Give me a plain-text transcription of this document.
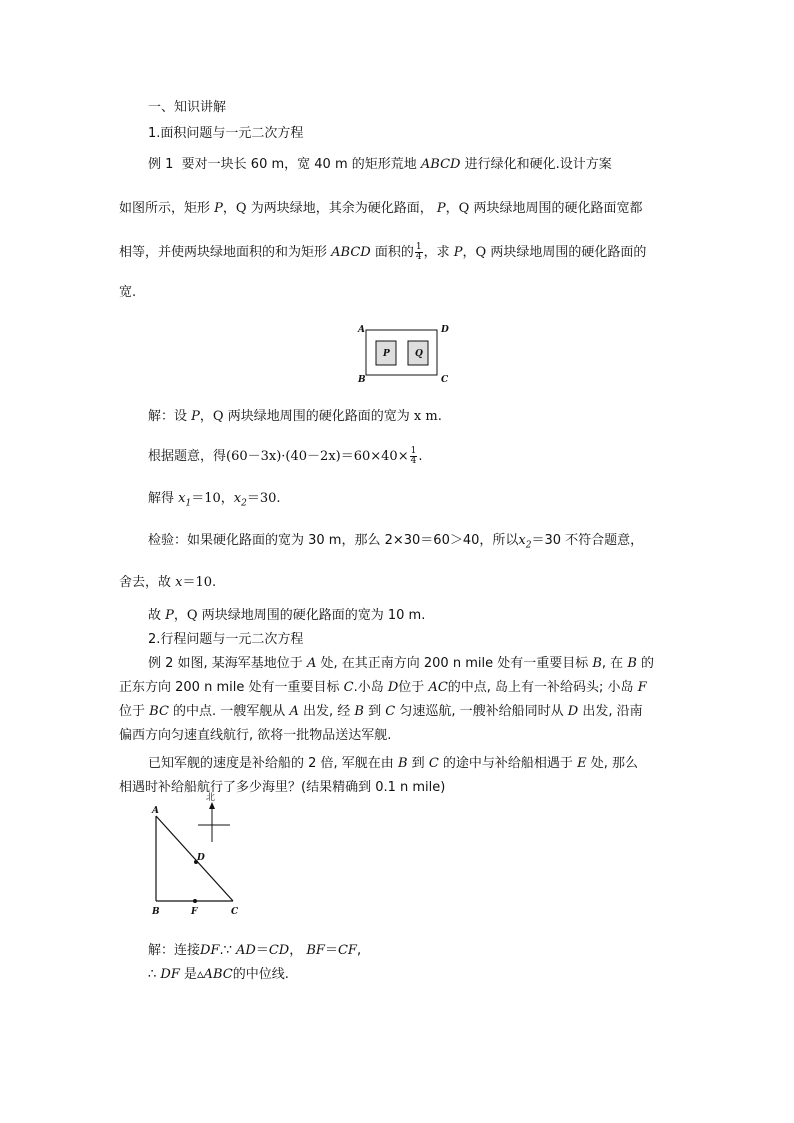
一、知识讲解
1.面积问题与一元二次方程
例 1 要对一块长 60 m，宽 40 m 的矩形荒地 ABCD 进行绿化和硬化.设计方案
如图所示，矩形 P，Q 为两块绿地，其余为硬化路面， P，Q 两块绿地周围的硬化路面宽都
相等，并使两块绿地面积的和为矩形 ABCD 面积的 $\frac{1}{4}$ ，求 P，Q 两块绿地周围的硬化路面的
宽.
A	D
B	C
P	Q
解：设 P，Q 两块绿地周围的硬化路面的宽为 x m.
根据题意，得$(60-3x)\cdot(40-2x)=60\times 40\times \frac{1}{4}$ .
解得 $x_1=10$，$x_2=30$.
检验：如果硬化路面的宽为 30 m，那么 2×30＝60＞40，所以$x_2=30$ 不符合题意，
舍去，故 x＝10.
故 P，Q 两块绿地周围的硬化路面的宽为 10 m.
2.行程问题与一元二次方程
例 2 如图, 某海军基地位于 A 处, 在其正南方向 200 n mile 处有一重要目标 B, 在 B 的
正东方向 200 n mile 处有一重要目标 C.小岛 D位于 AC的中点, 岛上有一补给码头; 小岛 F
位于 BC 的中点. 一艘军舰从 A 出发, 经 B 到 C 匀速巡航, 一艘补给船同时从 D 出发, 沿南
偏西方向匀速直线航行, 欲将一批物品送达军舰.
已知军舰的速度是补给船的 2 倍, 军舰在由 B 到 C 的途中与补给船相遇于 E 处, 那么
相遇时补给船航行了多少海里？(结果精确到 0.1 n mile)
北
A
D
B	F	C
解：连接DF.∵ AD＝CD， BF＝CF,
∴ DF 是▵ABC的中位线.
